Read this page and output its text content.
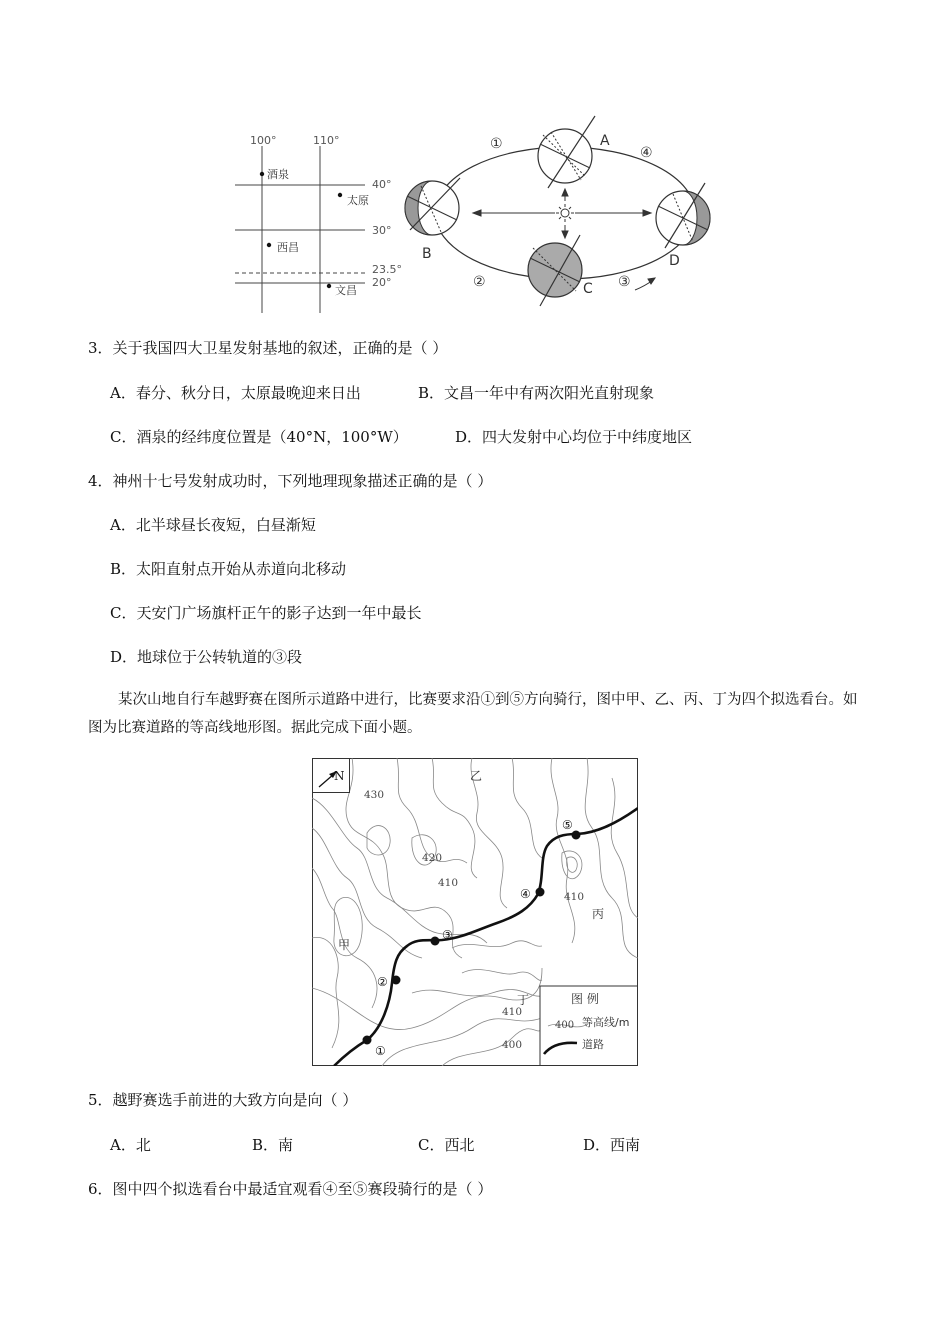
100°	110°
40°
30°
23.5°
20°
酒泉
太原
西昌
文昌
A
B
C
D
①
②	③
④
3．关于我国四大卫星发射基地的叙述，正确的是（ ）
A．春分、秋分日，太原最晚迎来日出	B．文昌一年中有两次阳光直射现象
C．酒泉的经纬度位置是（40°N，100°W）	D．四大发射中心均位于中纬度地区
4．神州十七号发射成功时，下列地理现象描述正确的是（ ）
A．北半球昼长夜短，白昼渐短
B．太阳直射点开始从赤道向北移动
C．天安门广场旗杆正午的影子达到一年中最长
D．地球位于公转轨道的③段
某次山地自行车越野赛在图所示道路中进行，比赛要求沿①到⑤方向骑行，图中甲、乙、丙、丁为四个拟选看台。如图为比赛道路的等高线地形图。据此完成下面小题。
N
430
420
410
410
410
400
甲
乙
丙
丁
①
②
③
④
⑤
图 例
400 等高线/m
道路
5．越野赛选手前进的大致方向是向（ ）
A．北	B．南	C．西北	D．西南
6．图中四个拟选看台中最适宜观看④至⑤赛段骑行的是（ ）
